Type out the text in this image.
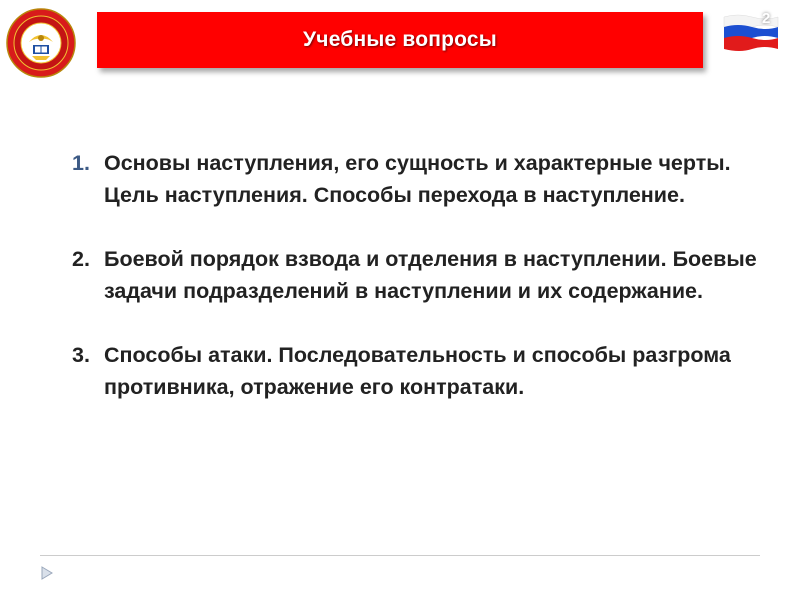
Учебные вопросы
2
1. Основы наступления, его сущность и характерные черты. Цель наступления. Способы перехода в наступление.
2. Боевой порядок взвода и отделения в наступлении. Боевые задачи подразделений в наступлении и их содержание.
3. Способы атаки. Последовательность и способы разгрома противника, отражение его контратаки.
